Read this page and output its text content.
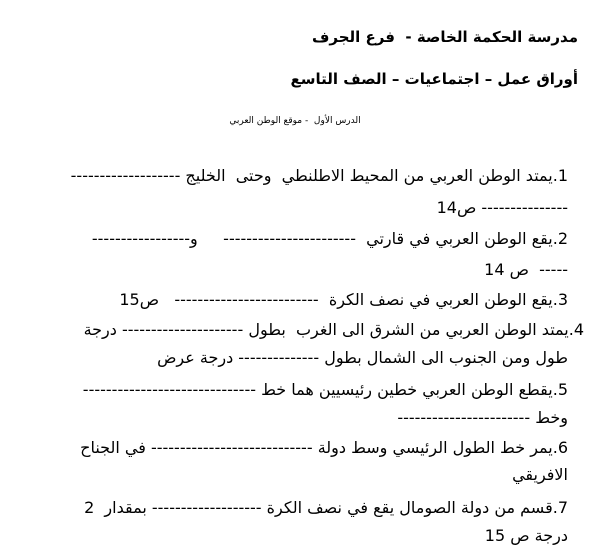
مدرسة الحكمة الخاصة -  فرع الجرف

أوراق عمل – اجتماعيات – الصف التاسع

الدرس الأول  - موقع الوطن العربي

1.يمتد الوطن العربي من المحيط الاطلنطي  وحتى  الخليج -------------------

--------------- ص14

2.يقع الوطن العربي في قارتي  -----------------------     و-----------------

-----  ص 14

3.يقع الوطن العربي في نصف الكرة  -------------------------   ص15

4.يمتد الوطن العربي من الشرق الى الغرب  بطول --------------------- درجة

طول ومن الجنوب الى الشمال بطول -------------- درجة عرض

5.يقطع الوطن العربي خطين رئيسيين هما خط ------------------------------

وخط -----------------------

6.يمر خط الطول الرئيسي وسط دولة ---------------------------- في الجناح

الافريقي

7.قسم من دولة الصومال يقع في نصف الكرة ------------------- بمقدار  2

درجة ص 15
